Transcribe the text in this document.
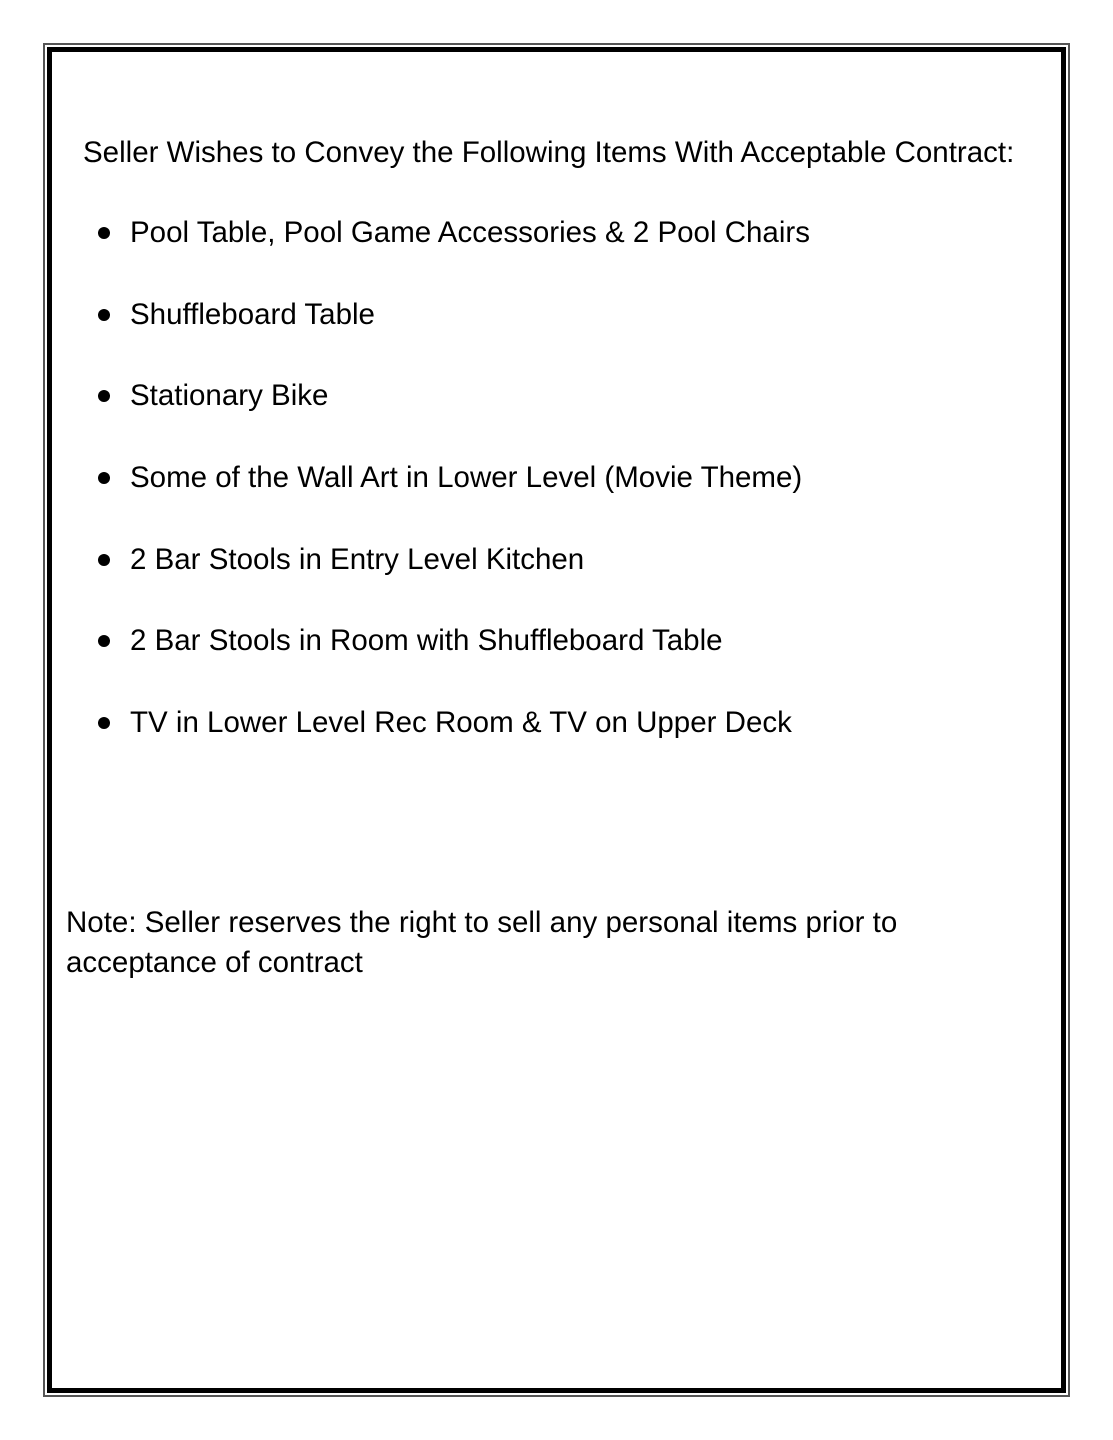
Seller Wishes to Convey the Following Items With Acceptable Contract:
Pool Table, Pool Game Accessories & 2 Pool Chairs
Shuffleboard Table
Stationary Bike
Some of the Wall Art in Lower Level (Movie Theme)
2 Bar Stools in Entry Level Kitchen
2 Bar Stools in Room with Shuffleboard Table
TV in Lower Level Rec Room & TV on Upper Deck

Note: Seller reserves the right to sell any personal items prior to acceptance of contract
